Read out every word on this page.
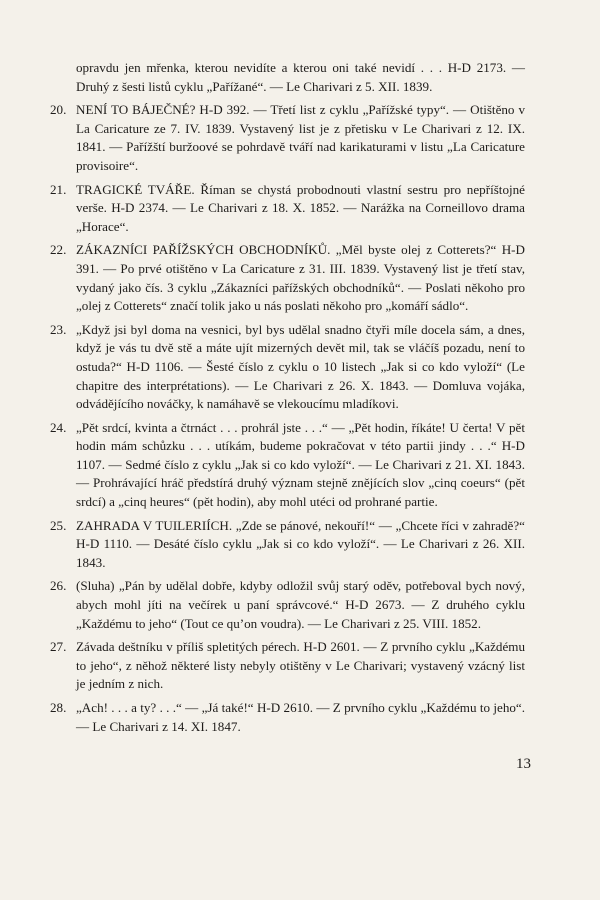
opravdu jen mřenka, kterou nevidíte a kterou oni také nevidí . . . H-D 2173. — Druhý z šesti listů cyklu „Pařížané“. — Le Charivari z 5. XII. 1839.

20. NENÍ TO BÁJEČNÉ? H-D 392. — Třetí list z cyklu „Pařížské typy“. — Otištěno v La Caricature ze 7. IV. 1839. Vystavený list je z přetisku v Le Charivari z 12. IX. 1841. — Pařížští buržoové se pohrdavě tváří nad karikaturami v listu „La Caricature provisoire“.
21. TRAGICKÉ TVÁŘE. Říman se chystá probodnouti vlastní sestru pro nepříštojné verše. H-D 2374. — Le Charivari z 18. X. 1852. — Narážka na Corneillovo drama „Horace“.
22. ZÁKAZNÍCI PAŘÍŽSKÝCH OBCHODNÍKŮ. „Měl byste olej z Cotterets?“ H-D 391. — Po prvé otištěno v La Caricature z 31. III. 1839. Vystavený list je třetí stav, vydaný jako čís. 3 cyklu „Zákazníci pařížských obchodníků“. — Poslati někoho pro „olej z Cotterets“ značí tolik jako u nás poslati někoho pro „komáří sádlo“.
23. „Když jsi byl doma na vesnici, byl bys udělal snadno čtyři míle docela sám, a dnes, když je vás tu dvě stě a máte ujít mizerných devět mil, tak se vláčíš pozadu, není to ostuda?“ H-D 1106. — Šesté číslo z cyklu o 10 listech „Jak si co kdo vyloží“ (Le chapitre des interprétations). — Le Charivari z 26. X. 1843. — Domluva vojáka, odvádějícího nováčky, k namáhavě se vlekoucímu mladíkovi.
24. „Pět srdcí, kvinta a čtrnáct . . . prohrál jste . . .“ — „Pět hodin, říkáte! U čerta! V pět hodin mám schůzku . . . utíkám, budeme pokračovat v této partii jindy . . .“ H-D 1107. — Sedmé číslo z cyklu „Jak si co kdo vyloží“. — Le Charivari z 21. XI. 1843. — Prohrávající hráč předstírá druhý význam stejně znějících slov „cinq coeurs“ (pět srdcí) a „cinq heures“ (pět hodin), aby mohl utéci od prohrané partie.
25. ZAHRADA V TUILERIÍCH. „Zde se pánové, nekouří!“ — „Chcete říci v zahradě?“ H-D 1110. — Desáté číslo cyklu „Jak si co kdo vyloží“. — Le Charivari z 26. XII. 1843.
26. (Sluha) „Pán by udělal dobře, kdyby odložil svůj starý oděv, potřeboval bych nový, abych mohl jíti na večírek u paní správcové.“ H-D 2673. — Z druhého cyklu „Každému to jeho“ (Tout ce qu’on voudra). — Le Charivari z 25. VIII. 1852.
27. Závada deštníku v příliš spletitých pérech. H-D 2601. — Z prvního cyklu „Každému to jeho“, z něhož některé listy nebyly otištěny v Le Charivari; vystavený vzácný list je jedním z nich.
28. „Ach! . . . a ty? . . .“ — „Já také!“ H-D 2610. — Z prvního cyklu „Každému to jeho“. — Le Charivari z 14. XI. 1847.
13
